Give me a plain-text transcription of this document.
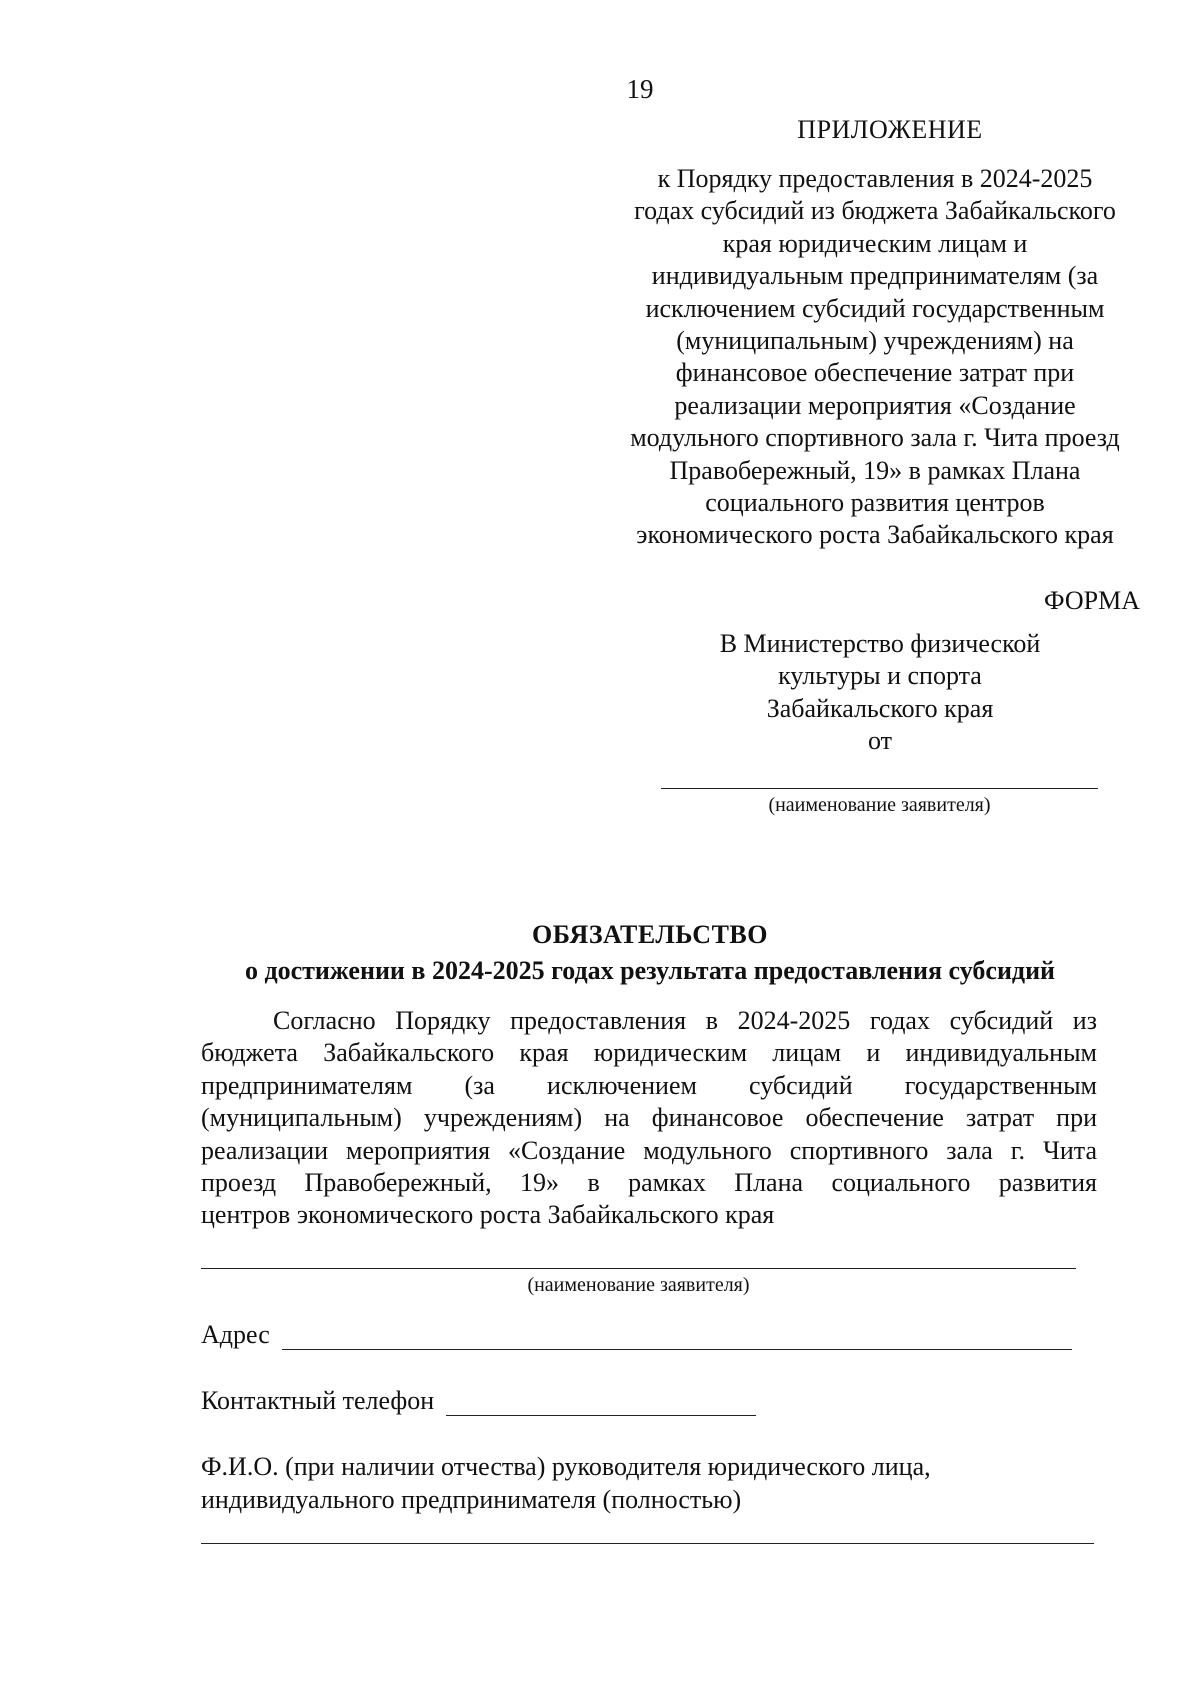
19
ПРИЛОЖЕНИЕ
к Порядку предоставления в 2024-2025
годах субсидий из бюджета Забайкальского
края юридическим лицам и
индивидуальным предпринимателям (за
исключением субсидий государственным
(муниципальным) учреждениям) на
финансовое обеспечение затрат при
реализации мероприятия «Создание
модульного спортивного зала г. Чита проезд
Правобережный, 19» в рамках Плана
социального развития центров
экономического роста Забайкальского края
ФОРМА
В Министерство физической
культуры и спорта
Забайкальского края
от
(наименование заявителя)
ОБЯЗАТЕЛЬСТВО
о достижении в 2024-2025 годах результата предоставления субсидий
Согласно Порядку предоставления в 2024-2025 годах субсидий из
бюджета Забайкальского края юридическим лицам и индивидуальным
предпринимателям (за исключением субсидий государственным
(муниципальным) учреждениям) на финансовое обеспечение затрат при
реализации мероприятия «Создание модульного спортивного зала г. Чита
проезд Правобережный, 19» в рамках Плана социального развития
центров экономического роста Забайкальского края
(наименование заявителя)
Адрес
Контактный телефон
Ф.И.О. (при наличии отчества) руководителя юридического лица,
индивидуального предпринимателя (полностью)
